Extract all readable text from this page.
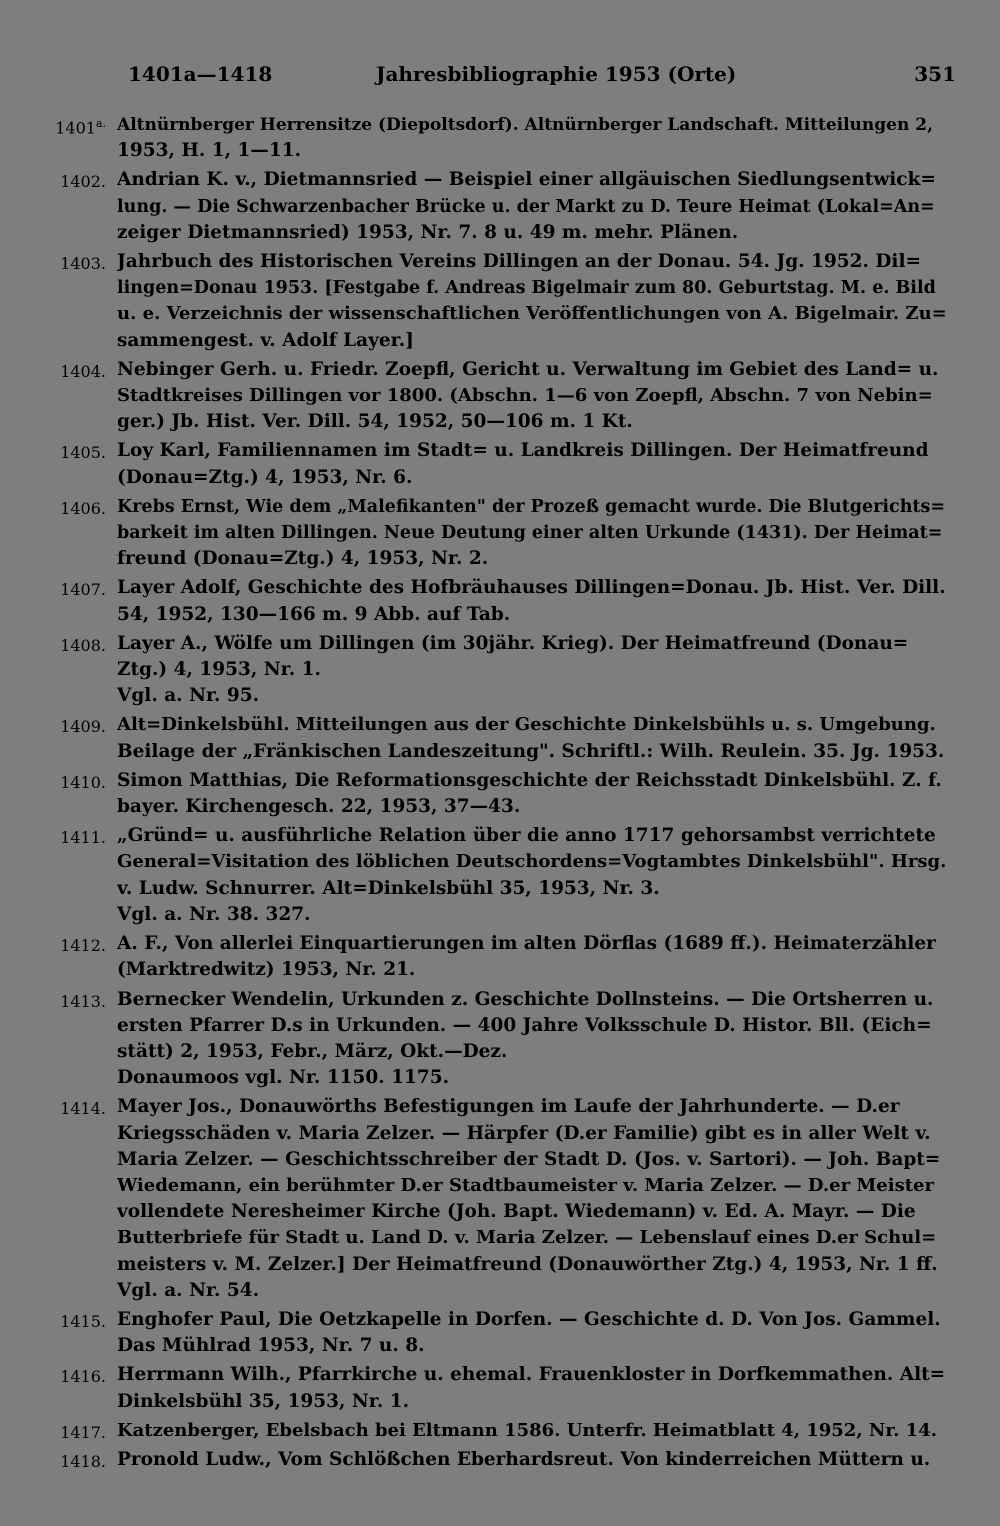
1401a—1418	Jahresbibliographie 1953 (Orte)	351
$1401^{a.}$ Altnürnberger Herrensitze (Diepoltsdorf). Altnürnberger Landschaft. Mitteilungen 2,
1953, H. 1, 1—11.
1402. Andrian K. v., Dietmannsried — Beispiel einer allgäuischen Siedlungsentwick=
lung. — Die Schwarzenbacher Brücke u. der Markt zu D. Teure Heimat (Lokal=An=
zeiger Dietmannsried) 1953, Nr. 7. 8 u. 49 m. mehr. Plänen.
1403. Jahrbuch des Historischen Vereins Dillingen an der Donau. 54. Jg. 1952. Dil=
lingen=Donau 1953. [Festgabe f. Andreas Bigelmair zum 80. Geburtstag. M. e. Bild
u. e. Verzeichnis der wissenschaftlichen Veröffentlichungen von A. Bigelmair. Zu=
sammengest. v. Adolf Layer.]
1404. Nebinger Gerh. u. Friedr. Zoepfl, Gericht u. Verwaltung im Gebiet des Land= u.
Stadtkreises Dillingen vor 1800. (Abschn. 1—6 von Zoepfl, Abschn. 7 von Nebin=
ger.) Jb. Hist. Ver. Dill. 54, 1952, 50—106 m. 1 Kt.
1405. Loy Karl, Familiennamen im Stadt= u. Landkreis Dillingen. Der Heimatfreund
(Donau=Ztg.) 4, 1953, Nr. 6.
1406. Krebs Ernst, Wie dem „Malefikanten" der Prozeß gemacht wurde. Die Blutgerichts=
barkeit im alten Dillingen. Neue Deutung einer alten Urkunde (1431). Der Heimat=
freund (Donau=Ztg.) 4, 1953, Nr. 2.
1407. Layer Adolf, Geschichte des Hofbräuhauses Dillingen=Donau. Jb. Hist. Ver. Dill.
54, 1952, 130—166 m. 9 Abb. auf Tab.
1408. Layer A., Wölfe um Dillingen (im 30jähr. Krieg). Der Heimatfreund (Donau=
Ztg.) 4, 1953, Nr. 1.
Vgl. a. Nr. 95.
1409. Alt=Dinkelsbühl. Mitteilungen aus der Geschichte Dinkelsbühls u. s. Umgebung.
Beilage der „Fränkischen Landeszeitung". Schriftl.: Wilh. Reulein. 35. Jg. 1953.
1410. Simon Matthias, Die Reformationsgeschichte der Reichsstadt Dinkelsbühl. Z. f.
bayer. Kirchengesch. 22, 1953, 37—43.
1411. „Gründ= u. ausführliche Relation über die anno 1717 gehorsambst verrichtete
General=Visitation des löblichen Deutschordens=Vogtambtes Dinkelsbühl". Hrsg.
v. Ludw. Schnurrer. Alt=Dinkelsbühl 35, 1953, Nr. 3.
Vgl. a. Nr. 38. 327.
1412. A. F., Von allerlei Einquartierungen im alten Dörflas (1689 ff.). Heimaterzähler
(Marktredwitz) 1953, Nr. 21.
1413. Bernecker Wendelin, Urkunden z. Geschichte Dollnsteins. — Die Ortsherren u.
ersten Pfarrer D.s in Urkunden. — 400 Jahre Volksschule D. Histor. Bll. (Eich=
stätt) 2, 1953, Febr., März, Okt.—Dez.
Donaumoos vgl. Nr. 1150. 1175.
1414. Mayer Jos., Donauwörths Befestigungen im Laufe der Jahrhunderte. — D.er
Kriegsschäden v. Maria Zelzer. — Härpfer (D.er Familie) gibt es in aller Welt v.
Maria Zelzer. — Geschichtsschreiber der Stadt D. (Jos. v. Sartori). — Joh. Bapt=
Wiedemann, ein berühmter D.er Stadtbaumeister v. Maria Zelzer. — D.er Meister
vollendete Neresheimer Kirche (Joh. Bapt. Wiedemann) v. Ed. A. Mayr. — Die
Butterbriefe für Stadt u. Land D. v. Maria Zelzer. — Lebenslauf eines D.er Schul=
meisters v. M. Zelzer.] Der Heimatfreund (Donauwörther Ztg.) 4, 1953, Nr. 1 ff.
Vgl. a. Nr. 54.
1415. Enghofer Paul, Die Oetzkapelle in Dorfen. — Geschichte d. D. Von Jos. Gammel.
Das Mühlrad 1953, Nr. 7 u. 8.
1416. Herrmann Wilh., Pfarrkirche u. ehemal. Frauenkloster in Dorfkemmathen. Alt=
Dinkelsbühl 35, 1953, Nr. 1.
1417. Katzenberger, Ebelsbach bei Eltmann 1586. Unterfr. Heimatblatt 4, 1952, Nr. 14.
1418. Pronold Ludw., Vom Schlößchen Eberhardsreut. Von kinderreichen Müttern u.
